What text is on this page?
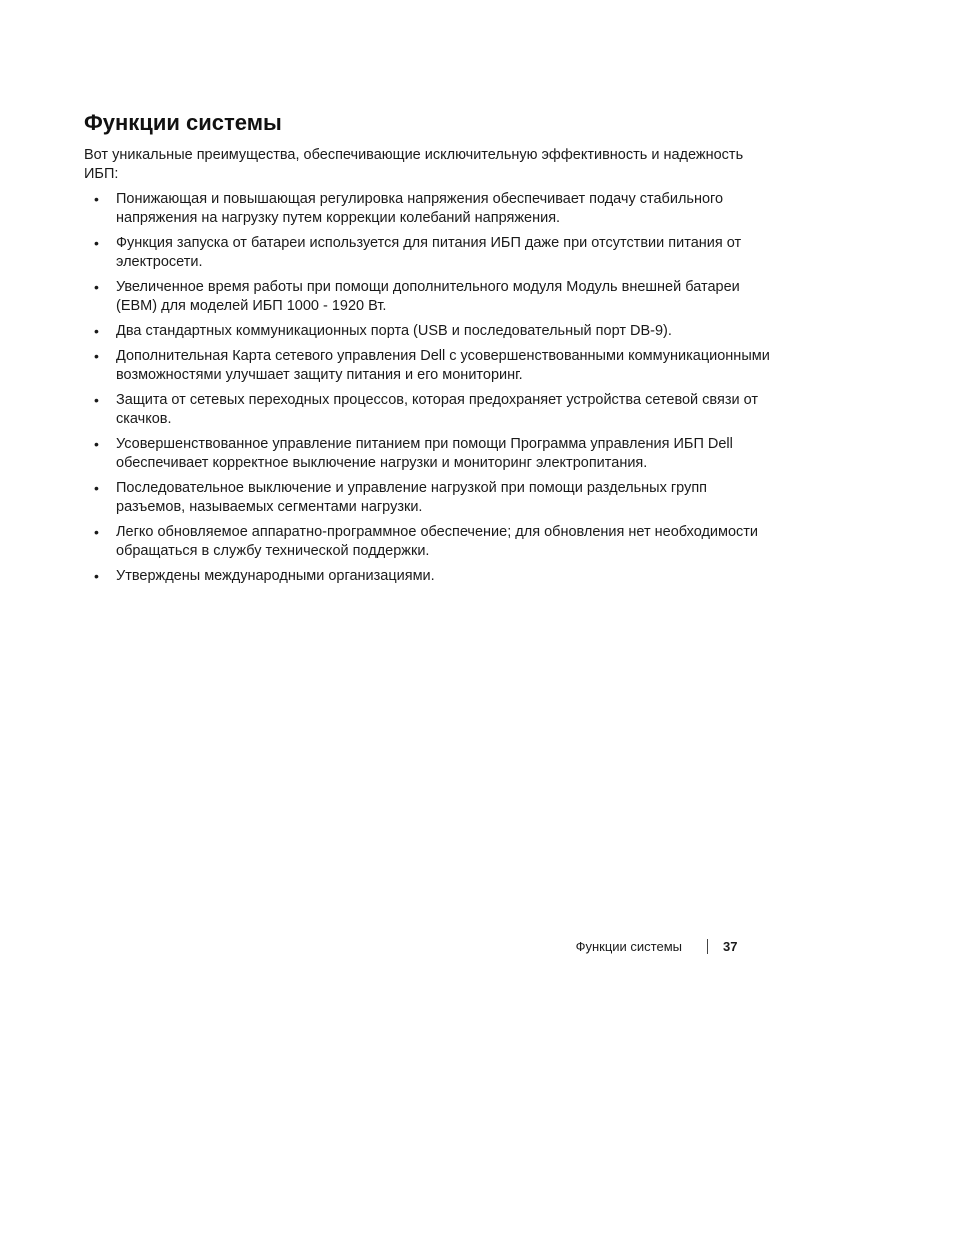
Функции системы

Вот уникальные преимущества, обеспечивающие исключительную эффективность и надежность ИБП:

• Понижающая и повышающая регулировка напряжения обеспечивает подачу стабильного напряжения на нагрузку путем коррекции колебаний напряжения.
• Функция запуска от батареи используется для питания ИБП даже при отсутствии питания от электросети.
• Увеличенное время работы при помощи дополнительного модуля Модуль внешней батареи (EBM) для моделей ИБП 1000 - 1920 Вт.
• Два стандартных коммуникационных порта (USB и последовательный порт DB-9).
• Дополнительная Карта сетевого управления Dell с усовершенствованными коммуникационными возможностями улучшает защиту питания и его мониторинг.
• Защита от сетевых переходных процессов, которая предохраняет устройства сетевой связи от скачков.
• Усовершенствованное управление питанием при помощи Программа управления ИБП Dell обеспечивает корректное выключение нагрузки и мониторинг электропитания.
• Последовательное выключение и управление нагрузкой при помощи раздельных групп разъемов, называемых сегментами нагрузки.
• Легко обновляемое аппаратно-программное обеспечение; для обновления нет необходимости обращаться в службу технической поддержки.
• Утверждены международными организациями.
Функции системы	37
